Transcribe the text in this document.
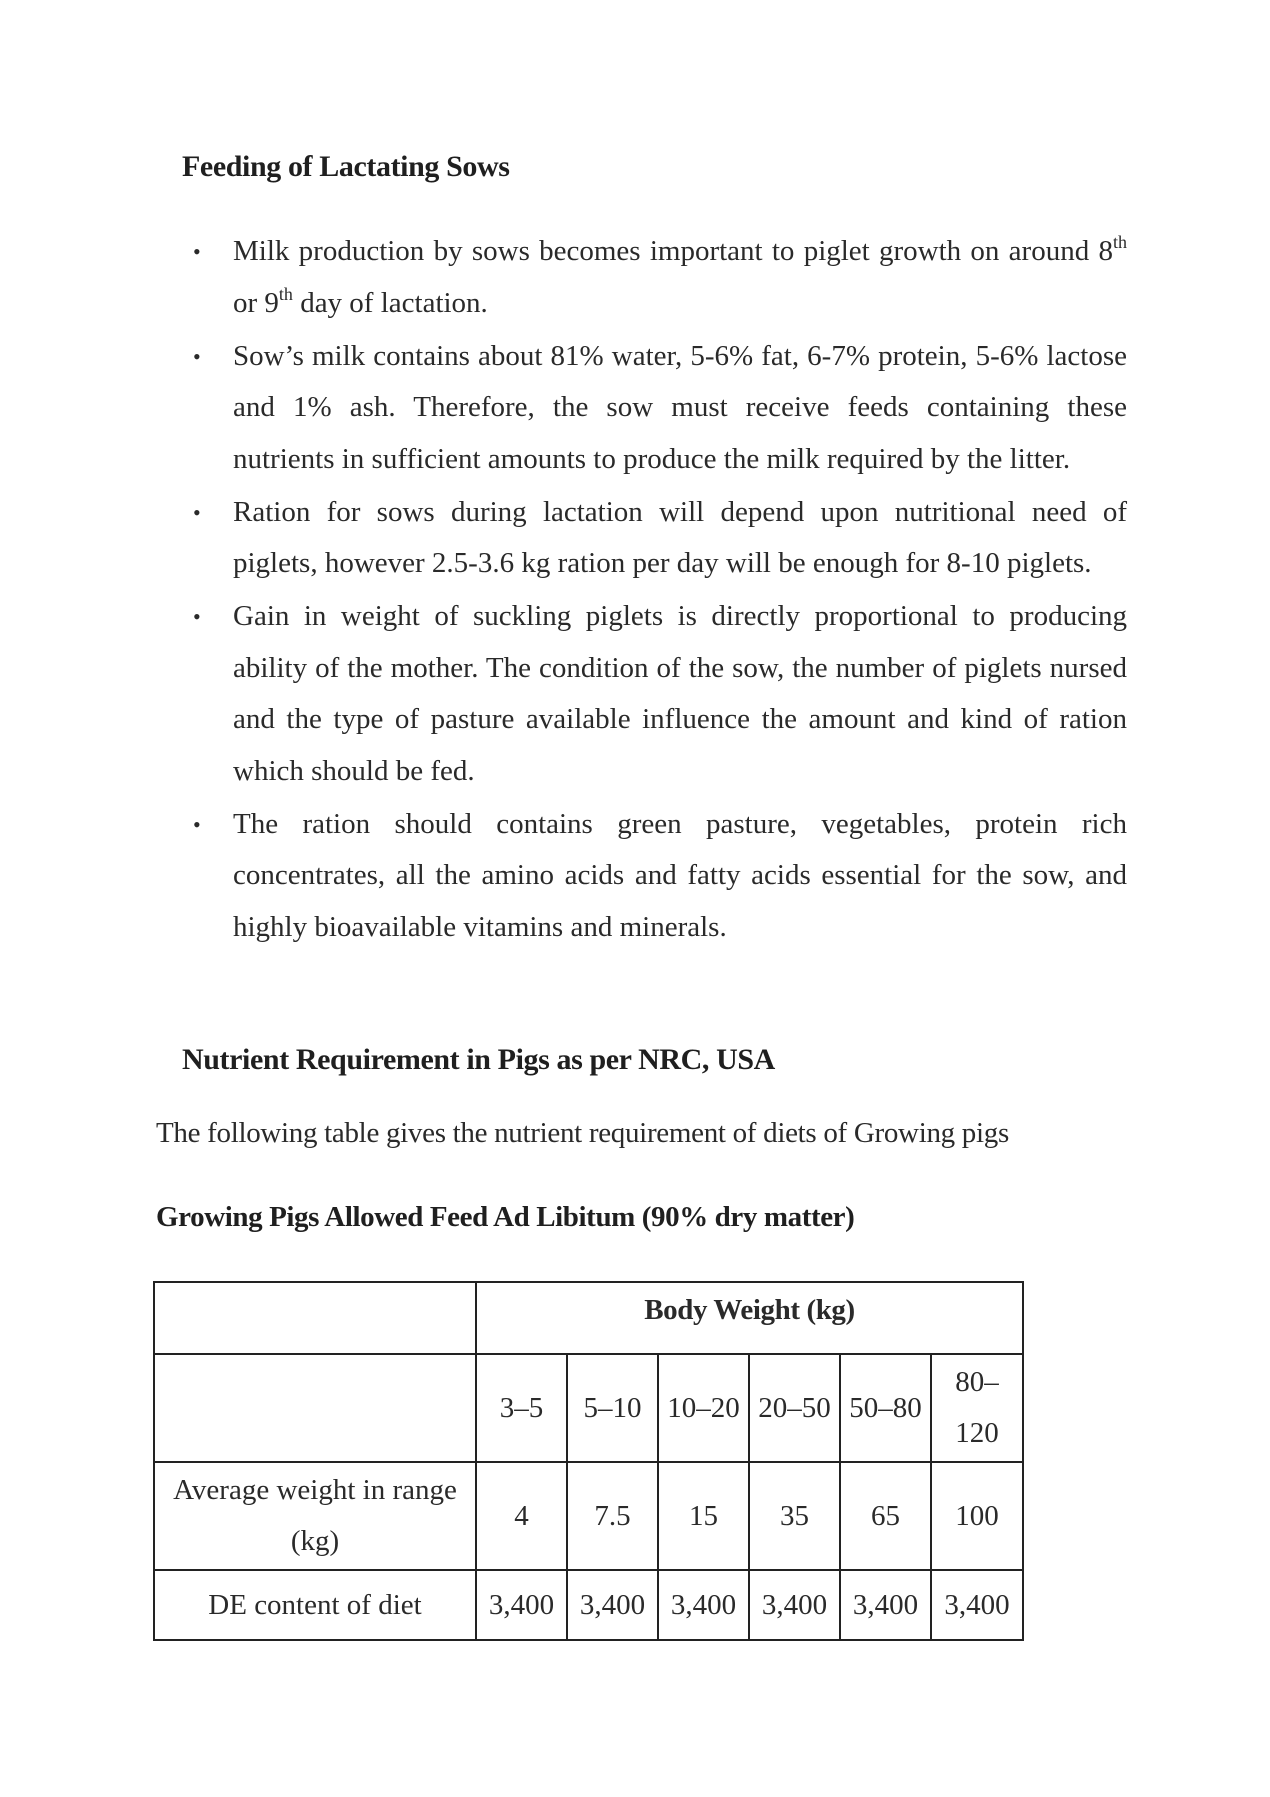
Feeding of Lactating Sows
• Milk production by sows becomes important to piglet growth on around 8th or 9th day of lactation.
• Sow’s milk contains about 81% water, 5-6% fat, 6-7% protein, 5-6% lactose and 1% ash. Therefore, the sow must receive feeds containing these nutrients in sufficient amounts to produce the milk required by the litter.
• Ration for sows during lactation will depend upon nutritional need of piglets, however 2.5-3.6 kg ration per day will be enough for 8-10 piglets.
• Gain in weight of suckling piglets is directly proportional to producing ability of the mother. The condition of the sow, the number of piglets nursed and the type of pasture available influence the amount and kind of ration which should be fed.
• The ration should contains green pasture, vegetables, protein rich concentrates, all the amino acids and fatty acids essential for the sow, and highly bioavailable vitamins and minerals.
Nutrient Requirement in Pigs as per NRC, USA

The following table gives the nutrient requirement of diets of Growing pigs

Growing Pigs Allowed Feed Ad Libitum (90% dry matter)
	Body Weight (kg)					
	3–5	5–10	10–20	20–50	50–80	80– 120
Average weight in range (kg)	4	7.5	15	35	65	100
DE content of diet	3,400	3,400	3,400	3,400	3,400	3,400
